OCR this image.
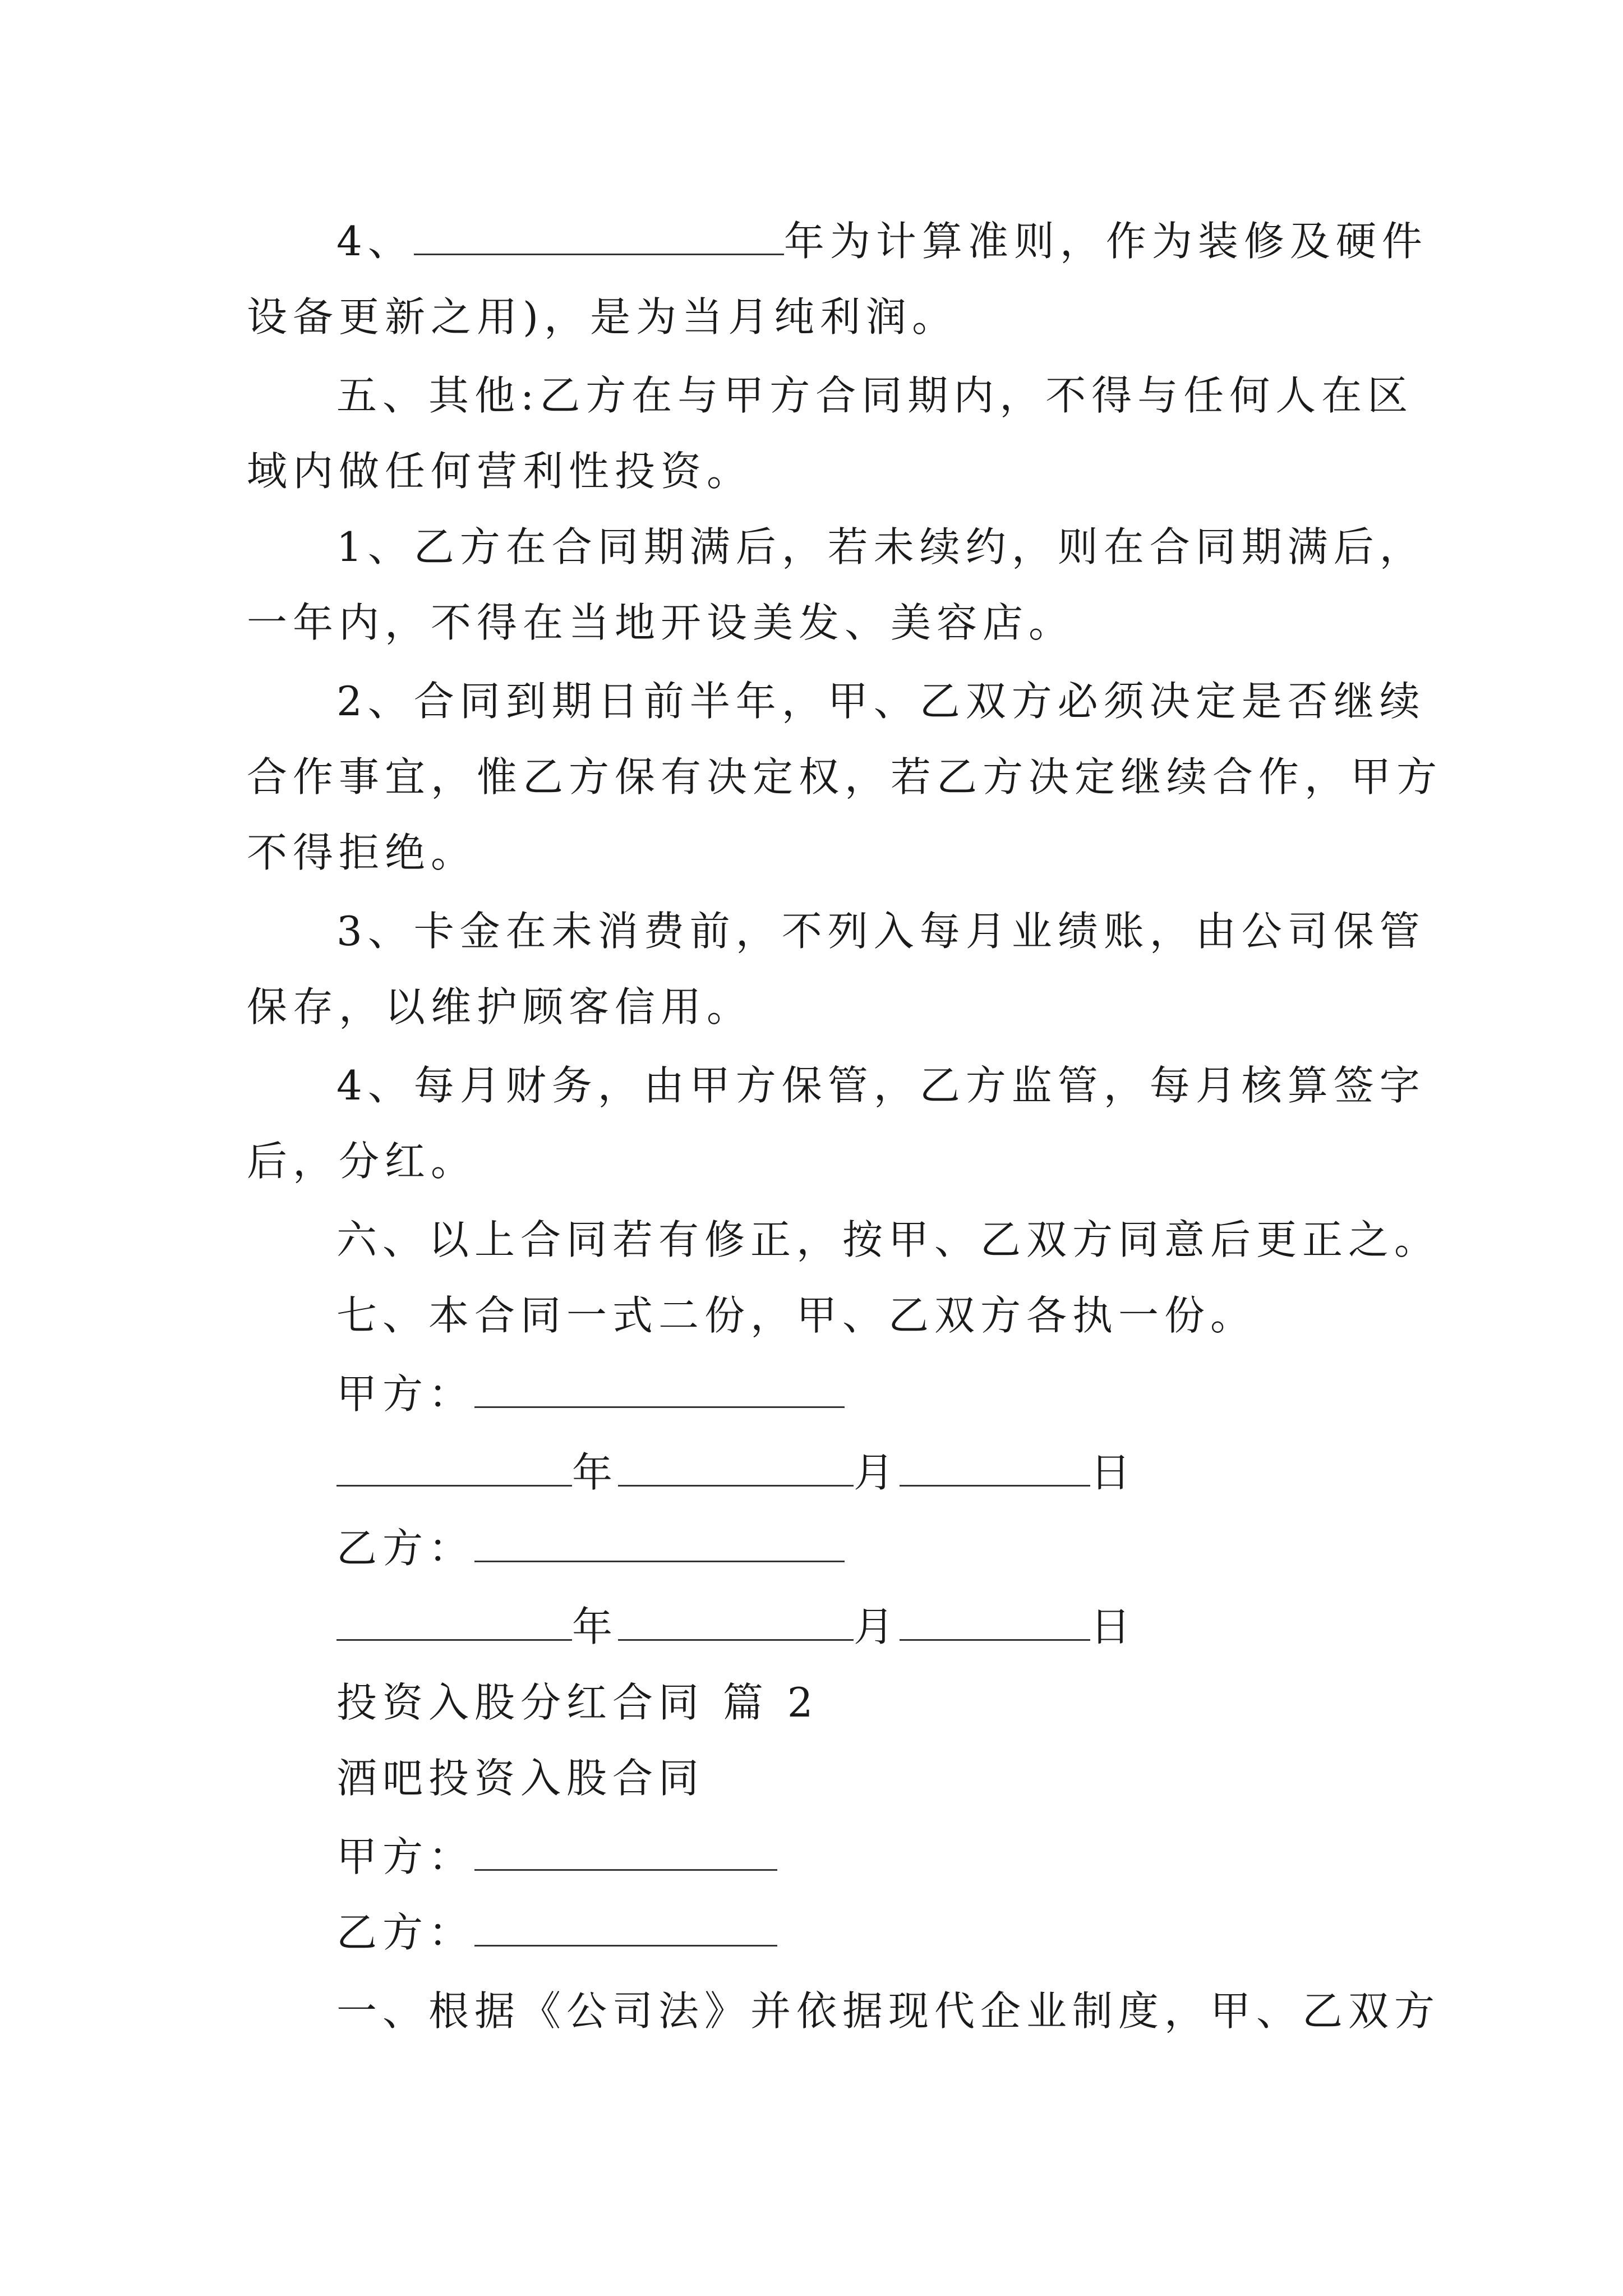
4、	年为计算准则，作为装修及硬件
设备更新之用)，是为当月纯利润。
五、其他:乙方在与甲方合同期内，不得与任何人在区
域内做任何营利性投资。
1、乙方在合同期满后，若未续约，则在合同期满后，
一年内，不得在当地开设美发、美容店。
2、合同到期日前半年，甲、乙双方必须决定是否继续
合作事宜，惟乙方保有决定权，若乙方决定继续合作，甲方
不得拒绝。
3、卡金在未消费前，不列入每月业绩账，由公司保管
保存，以维护顾客信用。
4、每月财务，由甲方保管，乙方监管，每月核算签字
后，分红。
六、以上合同若有修正，按甲、乙双方同意后更正之。
七、本合同一式二份，甲、乙双方各执一份。
甲方：
年	月	日
乙方：
年	月	日
投资入股分红合同 篇 2
酒吧投资入股合同
甲方：
乙方：
一、根据《公司法》并依据现代企业制度，甲、乙双方
